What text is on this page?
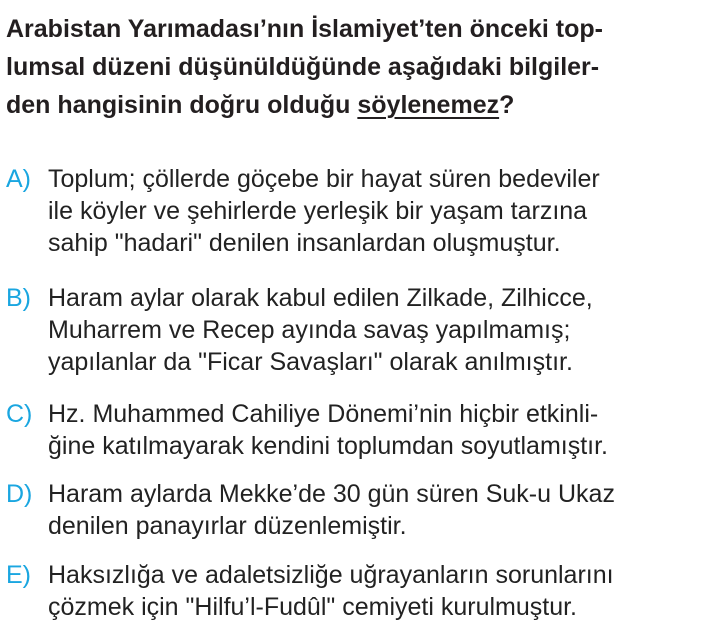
Arabistan Yarımadası’nın İslamiyet’ten önceki top-
lumsal düzeni düşünüldüğünde aşağıdaki bilgiler-
den hangisinin doğru olduğu söylenemez?
A) Toplum; çöllerde göçebe bir hayat süren bedeviler
ile köyler ve şehirlerde yerleşik bir yaşam tarzına
sahip "hadari" denilen insanlardan oluşmuştur.
B) Haram aylar olarak kabul edilen Zilkade, Zilhicce,
Muharrem ve Recep ayında savaş yapılmamış;
yapılanlar da "Ficar Savaşları" olarak anılmıştır.
C) Hz. Muhammed Cahiliye Dönemi’nin hiçbir etkinli-
ğine katılmayarak kendini toplumdan soyutlamıştır.
D) Haram aylarda Mekke’de 30 gün süren Suk-u Ukaz
denilen panayırlar düzenlemiştir.
E) Haksızlığa ve adaletsizliğe uğrayanların sorunlarını
çözmek için "Hilfu’l-Fudûl" cemiyeti kurulmuştur.
